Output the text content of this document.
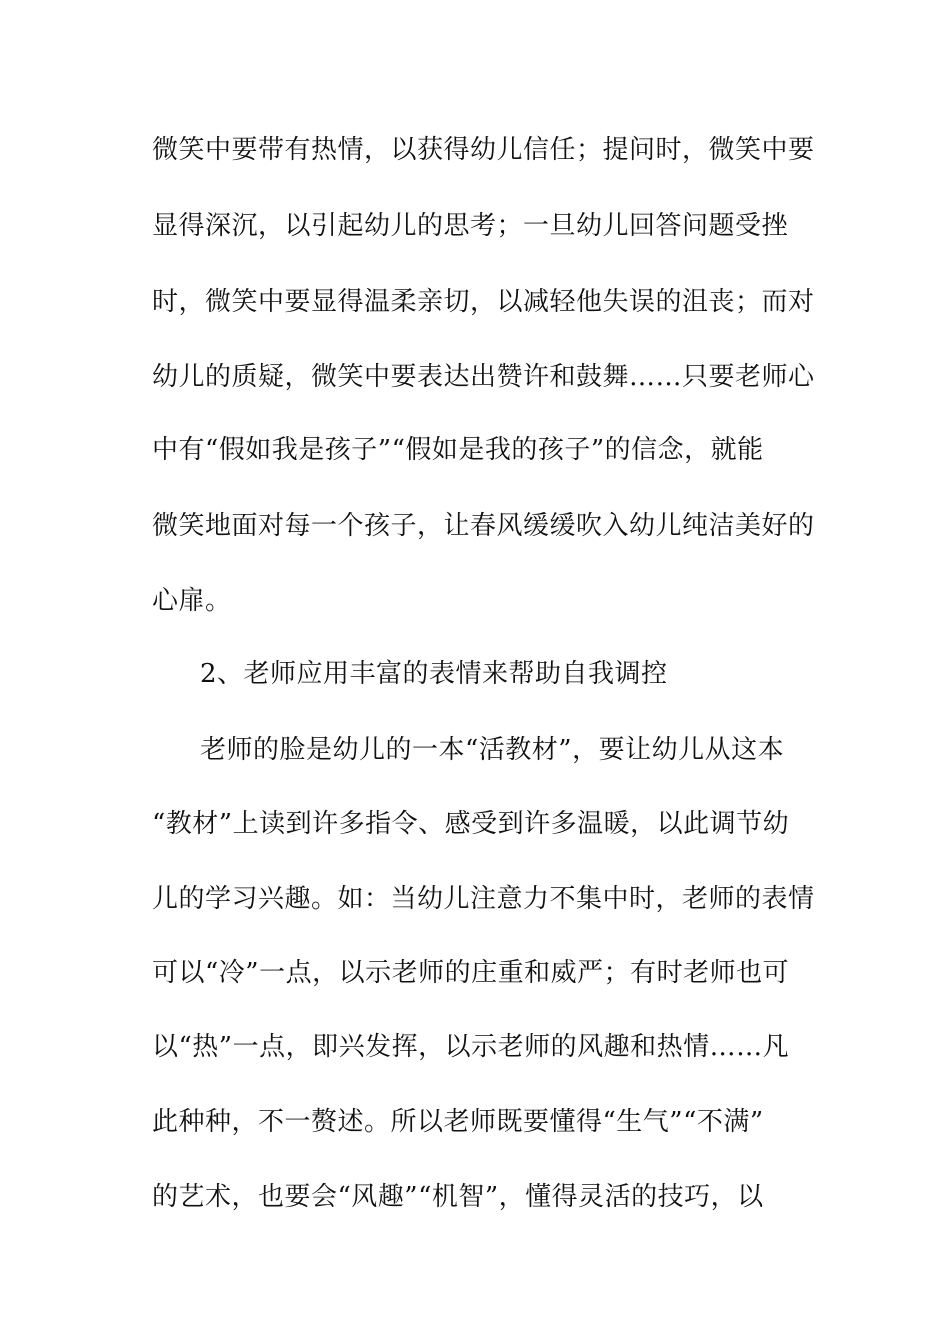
微笑中要带有热情，以获得幼儿信任；提问时，微笑中要
显得深沉，以引起幼儿的思考；一旦幼儿回答问题受挫
时，微笑中要显得温柔亲切，以减轻他失误的沮丧；而对
幼儿的质疑，微笑中要表达出赞许和鼓舞……只要老师心
中有“假如我是孩子”“假如是我的孩子”的信念，就能
微笑地面对每一个孩子，让春风缓缓吹入幼儿纯洁美好的
心扉。
2、老师应用丰富的表情来帮助自我调控
老师的脸是幼儿的一本“活教材”，要让幼儿从这本
“教材”上读到许多指令、感受到许多温暖，以此调节幼
儿的学习兴趣。如：当幼儿注意力不集中时，老师的表情
可以“冷”一点，以示老师的庄重和威严；有时老师也可
以“热”一点，即兴发挥，以示老师的风趣和热情……凡
此种种，不一赘述。所以老师既要懂得“生气”“不满”
的艺术，也要会“风趣”“机智”，懂得灵活的技巧，以
